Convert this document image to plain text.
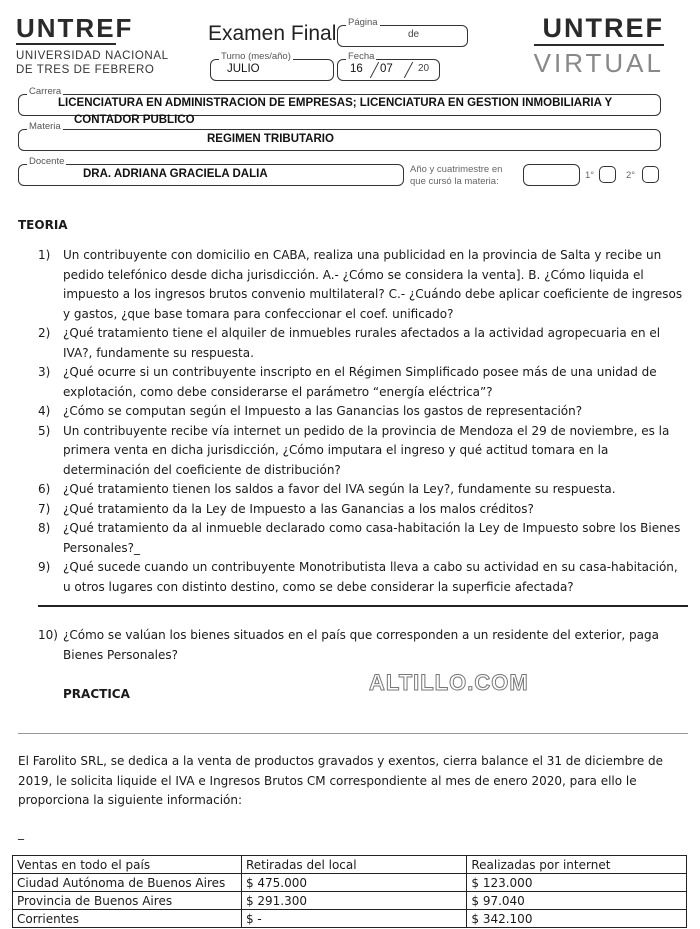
UNTREF
UNIVERSIDAD NACIONAL
DE TRES DE FEBRERO
Examen Final Página
de	UNTREF
VIRTUAL
Turno (mes/año)
JULIO
Fecha
16 07	20
Carrera
LICENCIATURA EN ADMINISTRACION DE EMPRESAS; LICENCIATURA EN GESTION INMOBILIARIA Y
CONTADOR PUBLICO
Materia
REGIMEN TRIBUTARIO
Docente
DRA. ADRIANA GRACIELA DALIA	Año y cuatrimestre en
que cursó la materia:
1°	2°
TEORIA
1)	Un contribuyente con domicilio en CABA, realiza una publicidad en la provincia de Salta y recibe un pedido telefónico desde dicha jurisdicción. A.- ¿Cómo se considera la venta]. B. ¿Cómo liquida el impuesto a los ingresos brutos convenio multilateral? C.- ¿Cuándo debe aplicar coeficiente de ingresos y gastos, ¿que base tomara para confeccionar el coef. unificado?
2)	¿Qué tratamiento tiene el alquiler de inmuebles rurales afectados a la actividad agropecuaria en el IVA?, fundamente su respuesta.
3)	¿Qué ocurre si un contribuyente inscripto en el Régimen Simplificado posee más de una unidad de explotación, como debe considerarse el parámetro “energía eléctrica”?
4)	¿Cómo se computan según el Impuesto a las Ganancias los gastos de representación?
5)	Un contribuyente recibe vía internet un pedido de la provincia de Mendoza el 29 de noviembre, es la primera venta en dicha jurisdicción, ¿Cómo imputara el ingreso y qué actitud tomara en la determinación del coeficiente de distribución?
6)	¿Qué tratamiento tienen los saldos a favor del IVA según la Ley?, fundamente su respuesta.
7)	¿Qué tratamiento da la Ley de Impuesto a las Ganancias a los malos créditos?
8)	¿Qué tratamiento da al inmueble declarado como casa-habitación la Ley de Impuesto sobre los Bienes Personales?_
9)	¿Qué sucede cuando un contribuyente Monotributista lleva a cabo su actividad en su casa-habitación, u otros lugares con distinto destino, como se debe considerar la superficie afectada?
10) ¿Cómo se valúan los bienes situados en el país que corresponden a un residente del exterior, paga Bienes Personales?
PRACTICA	ALTILLO.COM
El Farolito SRL, se dedica a la venta de productos gravados y exentos, cierra balance el 31 de diciembre de 2019, le solicita liquide el IVA e Ingresos Brutos CM correspondiente al mes de enero 2020, para ello le proporciona la siguiente información:
_
Ventas en todo el país	Retiradas del local	Realizadas por internet
Ciudad Autónoma de Buenos Aires	$ 475.000	$ 123.000
Provincia de Buenos Aires	$ 291.300	$ 97.040
Corrientes	$ -	$ 342.100
